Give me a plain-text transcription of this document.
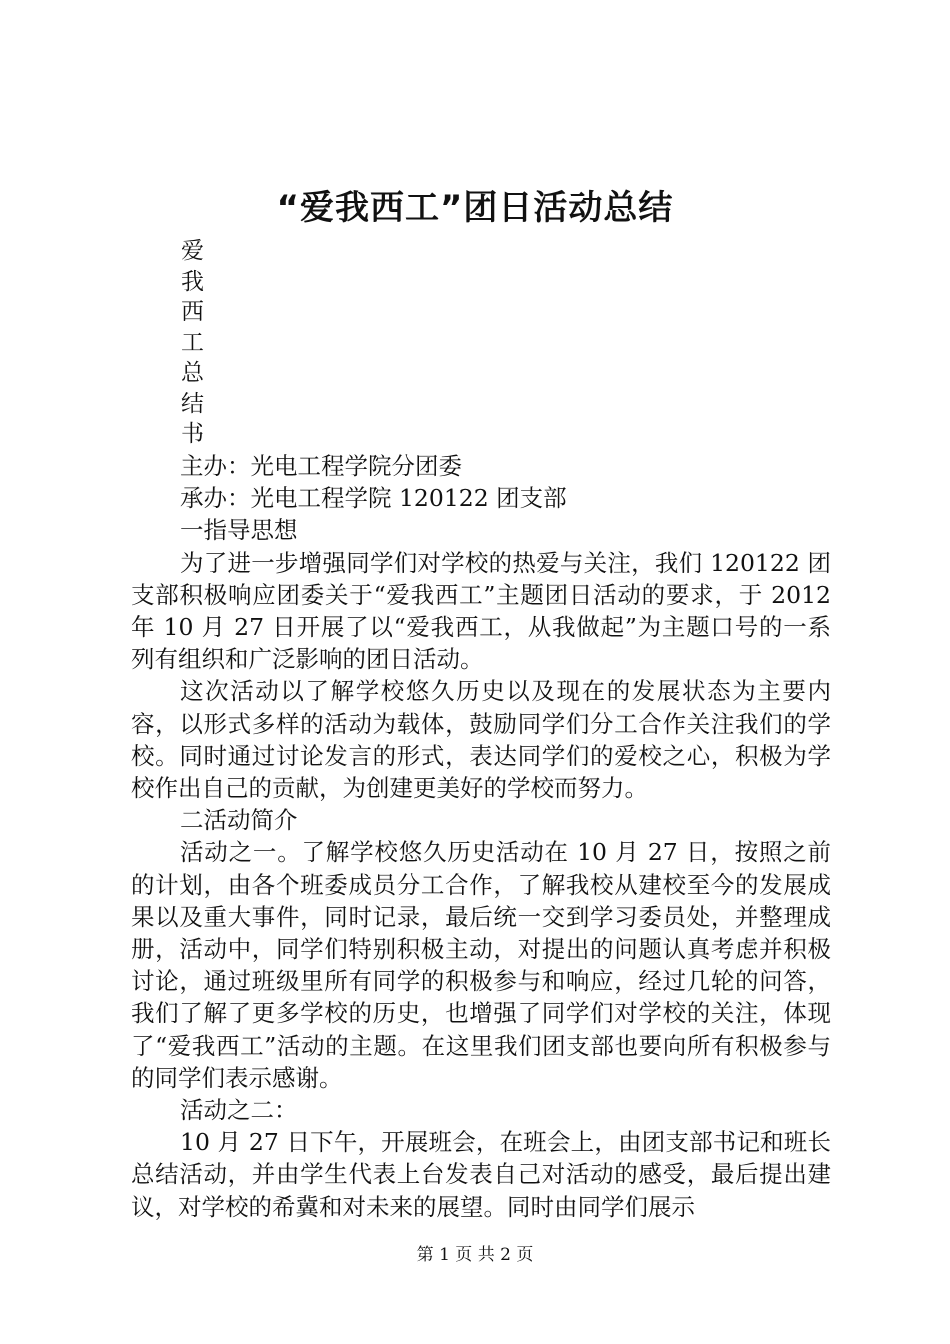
“爱我西工”团日活动总结
爱
我
西
工
总
结
书

主办：光电工程学院分团委

承办：光电工程学院 120122 团支部

一指导思想

为了进一步增强同学们对学校的热爱与关注，我们 120122 团支部积极响应团委关于“爱我西工”主题团日活动的要求，于 2012 年 10 月 27 日开展了以“爱我西工，从我做起”为主题口号的一系列有组织和广泛影响的团日活动。

这次活动以了解学校悠久历史以及现在的发展状态为主要内容，以形式多样的活动为载体，鼓励同学们分工合作关注我们的学校。同时通过讨论发言的形式，表达同学们的爱校之心，积极为学校作出自己的贡献，为创建更美好的学校而努力。

二活动简介

活动之一。了解学校悠久历史活动在 10 月 27 日，按照之前的计划，由各个班委成员分工合作，了解我校从建校至今的发展成果以及重大事件，同时记录，最后统一交到学习委员处，并整理成册，活动中，同学们特别积极主动，对提出的问题认真考虑并积极讨论，通过班级里所有同学的积极参与和响应，经过几轮的问答，我们了解了更多学校的历史，也增强了同学们对学校的关注，体现了“爱我西工”活动的主题。在这里我们团支部也要向所有积极参与的同学们表示感谢。

活动之二：

10 月 27 日下午，开展班会，在班会上，由团支部书记和班长总结活动，并由学生代表上台发表自己对活动的感受，最后提出建议，对学校的希冀和对未来的展望。同时由同学们展示

第 1 页 共 2 页
